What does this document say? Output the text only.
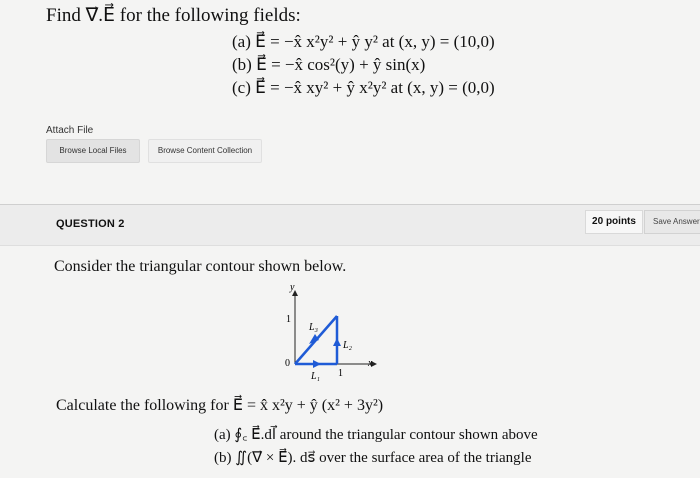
Find ∇⃗.E⃗ for the following fields:
(a) E⃗ = −x̂ x²y² + ŷ y² at (x, y) = (10,0)
(b) E⃗ = −x̂ cos²(y) + ŷ sin(x)
(c) E⃗ = −x̂ xy² + ŷ x²y² at (x, y) = (0,0)
Attach File
Browse Local Files	Browse Content Collection
QUESTION 2	20 points	Save Answer
Consider the triangular contour shown below.
y
x
1
1
0
L₁
L₂
L₃
Calculate the following for E⃗ = x̂ x²y + ŷ (x² + 3y²)
(a) ∮꜀ E⃗.dl⃗ around the triangular contour shown above
(b) ∬(∇⃗ × E⃗). ds⃗ over the surface area of the triangle
